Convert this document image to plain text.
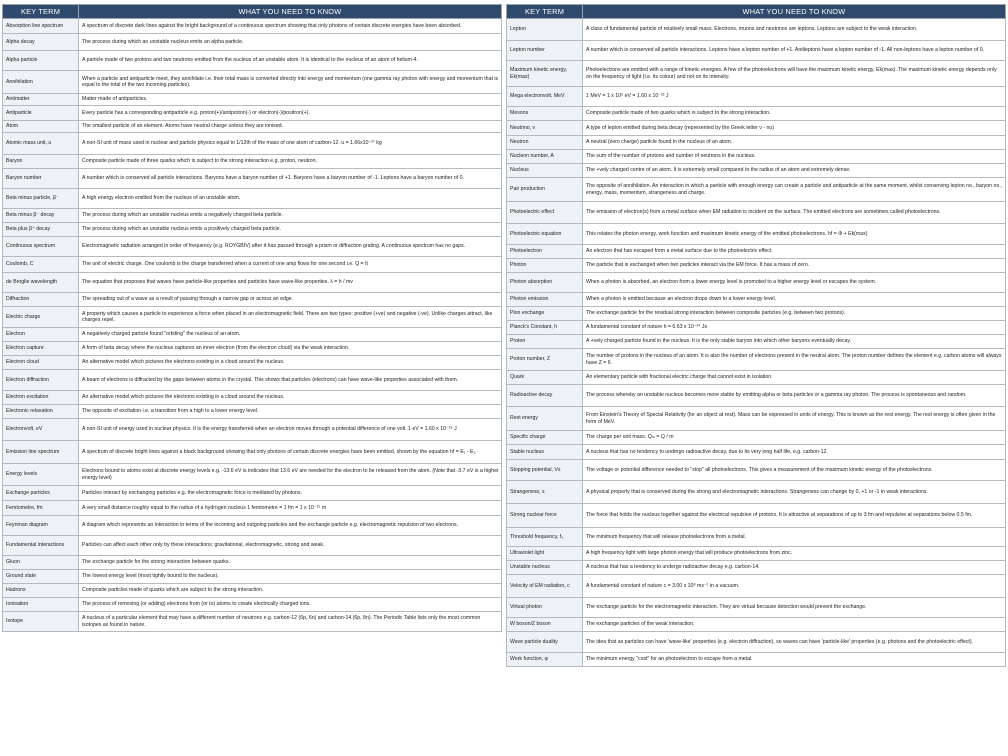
KEY TERM	WHAT YOU NEED TO KNOW
Absorption line spectrum	A spectrum of discrete dark lines against the bright background of a continuous spectrum showing that only photons of certain discrete energies have been absorbed.
Alpha decay	The process during which an unstable nucleus emits an alpha particle.
Alpha particle	A particle made of two protons and two neutrons emitted from the nucleus of an unstable atom. It is identical to the nucleus of an atom of helium-4.
Annihilation	When a particle and antiparticle meet, they annihilate i.e. their total mass is converted directly into energy and momentum (one gamma ray photon with energy and momentum that is equal to the total of the two incoming particles).
Antimatter	Matter made of antiparticles.
Antiparticle	Every particle has a corresponding antiparticle e.g. proton(+)/antiproton(-) or electron(-)/positron(+).
Atom	The smallest particle of an element. Atoms have neutral charge unless they are ionised.
Atomic mass unit, u	A non-SI unit of mass used in nuclear and particle physics equal to 1/12th of the mass of one atom of carbon-12. u = 1.66x10⁻²⁷ kg
Baryon	Composite particle made of three quarks which is subject to the strong interaction e.g. proton, neutron.
Baryon number	A number which is conserved all particle interactions. Baryons have a baryon number of +1. Baryons have a baryon number of -1. Leptons have a baryon number of 0.
Beta minus particle, β⁻	A high energy electron emitted from the nucleus of an unstable atom.
Beta minus β⁻ decay	The process during which an unstable nucleus emits a negatively charged beta particle.
Beta plus β⁺ decay	The process during which an unstable nucleus emits a positively charged beta particle.
Continuous spectrum	Electromagnetic radiation arranged in order of frequency (e.g. ROYGBIV) after it has passed through a prism or diffraction grating. A continuous spectrum has no gaps.
Coulomb, C	The unit of electric charge. One coulomb is the charge transferred when a current of one amp flows for one second i.e. Q = It
de Broglie wavelength	The equation that proposes that waves have particle-like properties and particles have wave-like properties. λ = h / mv
Diffraction	The spreading out of a wave as a result of passing through a narrow gap or across an edge.
Electric charge	A property which causes a particle to experience a force when placed in an electromagnetic field. There are two types: positive (+ve) and negative (-ve). Unlike charges attract, like charges repel.
Electron	A negatively charged particle found "orbiting" the nucleus of an atom.
Electron capture	A form of beta decay where the nucleus captures an inner electron (from the electron cloud) via the weak interaction.
Electron cloud	An alternative model which pictures the electrons existing in a cloud around the nucleus.
Electron diffraction	A beam of electrons is diffracted by the gaps between atoms in the crystal. This shows that particles (electrons) can have wave-like properties associated with them.
Electron excitation	An alternative model which pictures the electrons existing in a cloud around the nucleus.
Electronic relaxation	The opposite of excitation i.e. a transition from a high to a lower energy level.
Electronvolt, eV	A non-SI unit of energy used in nuclear physics. It is the energy transferred when an electron moves through a potential difference of one volt. 1 eV = 1.60 x 10⁻¹⁹ J
Emission line spectrum	A spectrum of discrete bright lines against a black background showing that only photons of certain discrete energies have been emitted, shown by the equation hf = E₁ - E₂
Energy levels	Electrons bound to atoms exist at discrete energy levels e.g. -13.6 eV is indicates that 13.6 eV are needed for the electron to be released from the atom. (Note that -3.7 eV is a higher energy level)
Exchange particles	Particles interact by exchanging particles e.g. the electromagnetic force is mediated by photons.
Femtometre, fm	A very small distance roughly equal to the radius of a hydrogen nucleus 1 femtometre = 1 fm = 1 x 10⁻¹⁵ m
Feynman diagram	A diagram which represents an interaction in terms of the incoming and outgoing particles and the exchange particle e.g. electromagnetic repulsion of two electrons.
Fundamental interactions	Particles can affect each other only by these interactions: gravitational, electromagnetic, strong and weak.
Gluon	The exchange particle for the strong interaction between quarks.
Ground state	The lowest energy level (most tightly bound to the nucleus).
Hadrons	Composite particles made of quarks which are subject to the strong interaction.
Ionisation	The process of removing (or adding) electrons from (or to) atoms to create electrically charged ions.
Isotope	A nucleus of a particular element that may have a different number of neutrons e.g. carbon-12 (6p, 6n) and carbon-14 (6p, 8n). The Periodic Table lists only the most common isotopes as found in nature.
KEY TERM	WHAT YOU NEED TO KNOW
Lepton	A class of fundamental particle of relatively small mass. Electrons, muons and neutrinos are leptons. Leptons are subject to the weak interaction.
Lepton number	A number which is conserved all particle interactions. Leptons have a lepton number of +1. Antileptons have a lepton number of -1. All non-leptons have a lepton number of 0.
Maximum kinetic energy, Ek(max)	Photoelectrons are emitted with a range of kinetic energies. A few of the photoelectrons will have the maximum kinetic energy, Ek(max). The maximum kinetic energy depends only on the frequency of light (i.e. its colour) and not on its intensity.
Mega electronvolt, MeV	1 MeV = 1 x 10⁶ eV = 1.60 x 10⁻¹³ J
Mesons	Composite particle made of two quarks which is subject to the strong interaction.
Neutrino, ν	A type of lepton emitted during beta decay (represented by the Greek letter ν - nu)
Neutron	A neutral (zero charge) particle found in the nucleus of an atom.
Nucleon number, A	The sum of the number of protons and number of neutrons in the nucleus.
Nucleus	The +vely charged centre of an atom. It is extremely small compared to the radius of an atom and extremely dense.
Pair production	The opposite of annihilation. An interaction in which a particle with enough energy can create a particle and antiparticle at the same moment, whilst conserving lepton no., baryon no., energy, mass, momentum, strangeness and charge.
Photoelectric effect	The emission of electron(s) from a metal surface when EM radiation is incident on the surface. The emitted electrons are sometimes called photoelectrons.
Photoelectric equation	This relates the photon energy, work function and maximum kinetic energy of the emitted photoelectrons. hf = Φ + Ek(max)
Photoelectron	An electron that has escaped from a metal surface due to the photoelectric effect.
Photon	The particle that is exchanged when two particles interact via the EM force. It has a mass of zero.
Photon absorption	When a photon is absorbed, an electron from a lower energy level is promoted to a higher energy level or escapes the system.
Photon emission	When a photon is emitted because an electron drops down to a lower energy level.
Pion exchange	The exchange particle for the residual strong interaction between composite particles (e.g. between two protons).
Planck's Constant, h	A fundamental constant of nature h = 6.63 x 10⁻³⁴ Js
Proton	A +vely charged particle found in the nucleus. It is the only stable baryon into which other baryons eventually decay.
Proton number, Z	The number of protons in the nucleus of an atom. It is also the number of electrons present in the neutral atom. The proton number defines the element e.g. carbon atoms will always have Z = 6.
Quark	An elementary particle with fractional electric charge that cannot exist in isolation.
Radioactive decay	The process whereby an unstable nucleus becomes more stable by emitting alpha or beta particles or a gamma ray photon. The process is spontaneous and random.
Rest energy	From Einstein's Theory of Special Relativity (for an object at rest). Mass can be expressed in units of energy. This is known as the rest energy. The rest energy is often given in the form of MeV.
Specific charge	The charge per unit mass. Qₘ = Q / m
Stable nucleus	A nucleus that has no tendency to undergo radioactive decay, due to its very long half life, e.g. carbon-12.
Stopping potential, Vs	The voltage or potential difference needed to "stop" all photoelectrons. This gives a measurement of the maximum kinetic energy of the photoelectrons.
Strangeness, s	A physical property that is conserved during the strong and electromagnetic interactions. Strangeness can change by 0, +1 or -1 in weak interactions.
Strong nuclear force	The force that holds the nucleus together against the electrical repulsion of protons. It is attractive at separations of up to 3 fm and repulsive at separations below 0.5 fm.
Threshold frequency, f₀	The minimum frequency that will release photoelectrons from a metal.
Ultraviolet light	A high frequency light with large photon energy that will produce photoelectrons from zinc.
Unstable nucleus	A nucleus that has a tendency to undergo radioactive decay e.g. carbon-14.
Velocity of EM radiation, c	A fundamental constant of nature c = 3.00 x 10⁸ ms⁻¹ in a vacuum.
Virtual photon	The exchange particle for the electromagnetic interaction. They are virtual because detection would prevent the exchange.
W boson/Z boson	The exchange particles of the weak interaction.
Wave particle duality	The idea that as particles can have 'wave-like' properties (e.g. electron diffraction), so waves can have 'particle-like' properties (e.g. photons and the photoelectric effect).
Work function, φ	The minimum energy "cost" for an photoelectron to escape from a metal.
